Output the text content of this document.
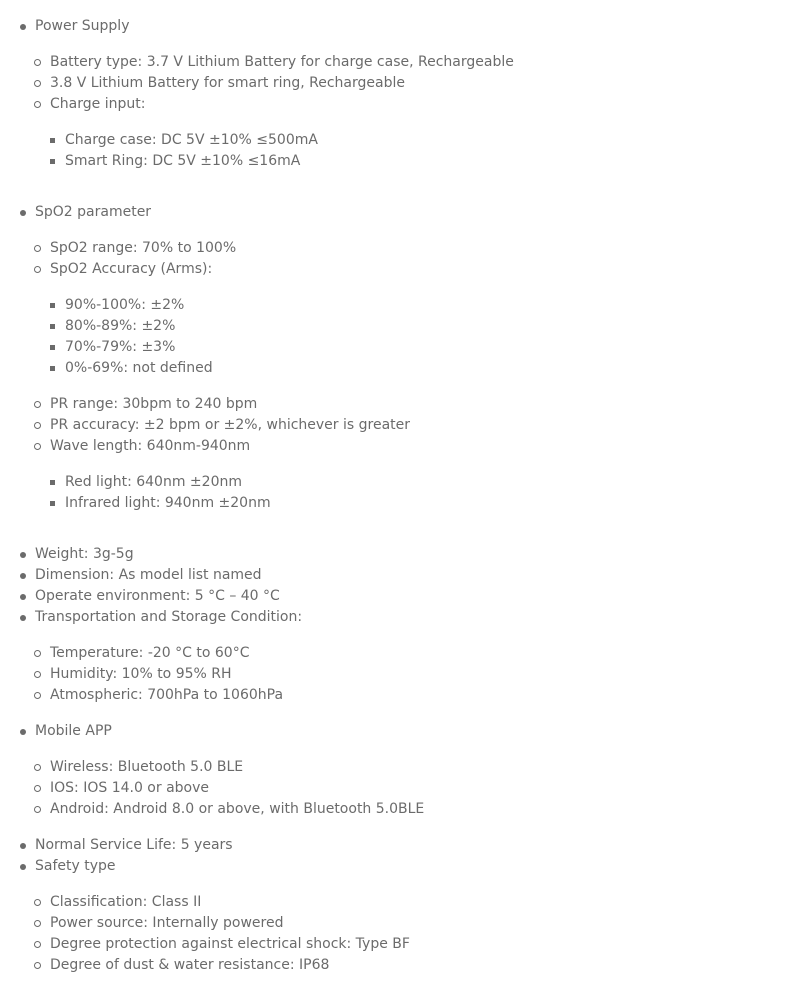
Power Supply
Battery type: 3.7 V Lithium Battery for charge case, Rechargeable
3.8 V Lithium Battery for smart ring, Rechargeable
Charge input:
Charge case: DC 5V ±10% ≤500mA
Smart Ring: DC 5V ±10% ≤16mA
SpO2 parameter
SpO2 range: 70% to 100%
SpO2 Accuracy (Arms):
90%-100%: ±2%
80%-89%: ±2%
70%-79%: ±3%
0%-69%: not defined
PR range: 30bpm to 240 bpm
PR accuracy: ±2 bpm or ±2%, whichever is greater
Wave length: 640nm-940nm
Red light: 640nm ±20nm
Infrared light: 940nm ±20nm
Weight: 3g-5g
Dimension: As model list named
Operate environment: 5 °C – 40 °C
Transportation and Storage Condition:
Temperature: -20 °C to 60°C
Humidity: 10% to 95% RH
Atmospheric: 700hPa to 1060hPa
Mobile APP
Wireless: Bluetooth 5.0 BLE
IOS: IOS 14.0 or above
Android: Android 8.0 or above, with Bluetooth 5.0BLE
Normal Service Life: 5 years
Safety type
Classification: Class II
Power source: Internally powered
Degree protection against electrical shock: Type BF
Degree of dust & water resistance: IP68
